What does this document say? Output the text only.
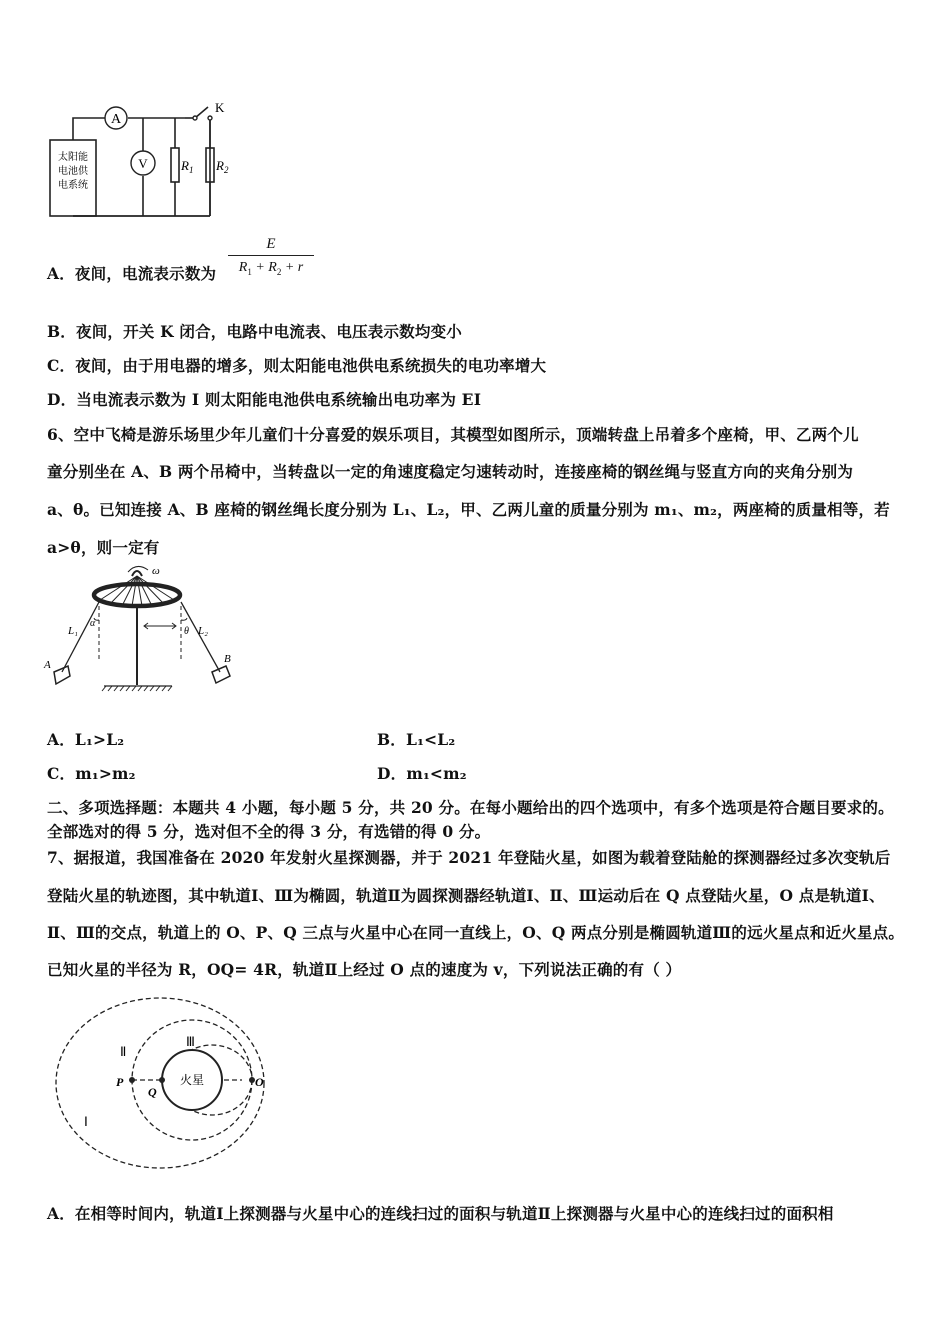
A
V
K
$R_1$ $R_2$
太阳能
电池供
电系统
A．夜间，电流表示数为 $\frac{E}{R_1 + R_2 + r}$
B．夜间，开关 K 闭合，电路中电流表、电压表示数均变小
C．夜间，由于用电器的增多，则太阳能电池供电系统损失的电功率增大
D．当电流表示数为 I 则太阳能电池供电系统输出电功率为 EI
6、空中飞椅是游乐场里少年儿童们十分喜爱的娱乐项目，其模型如图所示，顶端转盘上吊着多个座椅，甲、乙两个儿
童分别坐在 A、B 两个吊椅中，当转盘以一定的角速度稳定匀速转动时，连接座椅的钢丝绳与竖直方向的夹角分别为
a、θ。已知连接 A、B 座椅的钢丝绳长度分别为 L₁、L₂，甲、乙两儿童的质量分别为 m₁、m₂，两座椅的质量相等，若
a>θ，则一定有
ω
α
θ
L₁	L₂
A	B
A．L₁>L₂	B．L₁<L₂
C．m₁>m₂	D．m₁<m₂
二、多项选择题：本题共 4 小题，每小题 5 分，共 20 分。在每小题给出的四个选项中，有多个选项是符合题目要求的。
全部选对的得 5 分，选对但不全的得 3 分，有选错的得 0 分。
7、据报道，我国准备在 2020 年发射火星探测器，并于 2021 年登陆火星，如图为载着登陆舱的探测器经过多次变轨后
登陆火星的轨迹图，其中轨道Ⅰ、Ⅲ为椭圆，轨道Ⅱ为圆探测器经轨道Ⅰ、Ⅱ、Ⅲ运动后在 Q 点登陆火星，O 点是轨道Ⅰ、
Ⅱ、Ⅲ的交点，轨道上的 O、P、Q 三点与火星中心在同一直线上，O、Q 两点分别是椭圆轨道Ⅲ的远火星点和近火星点。
已知火星的半径为 R，OQ= 4R，轨道Ⅱ上经过 O 点的速度为 v，下列说法正确的有（ ）
Ⅱ
Ⅲ
Ⅰ
火星
P
Q
O
A．在相等时间内，轨道Ⅰ上探测器与火星中心的连线扫过的面积与轨道Ⅱ上探测器与火星中心的连线扫过的面积相
